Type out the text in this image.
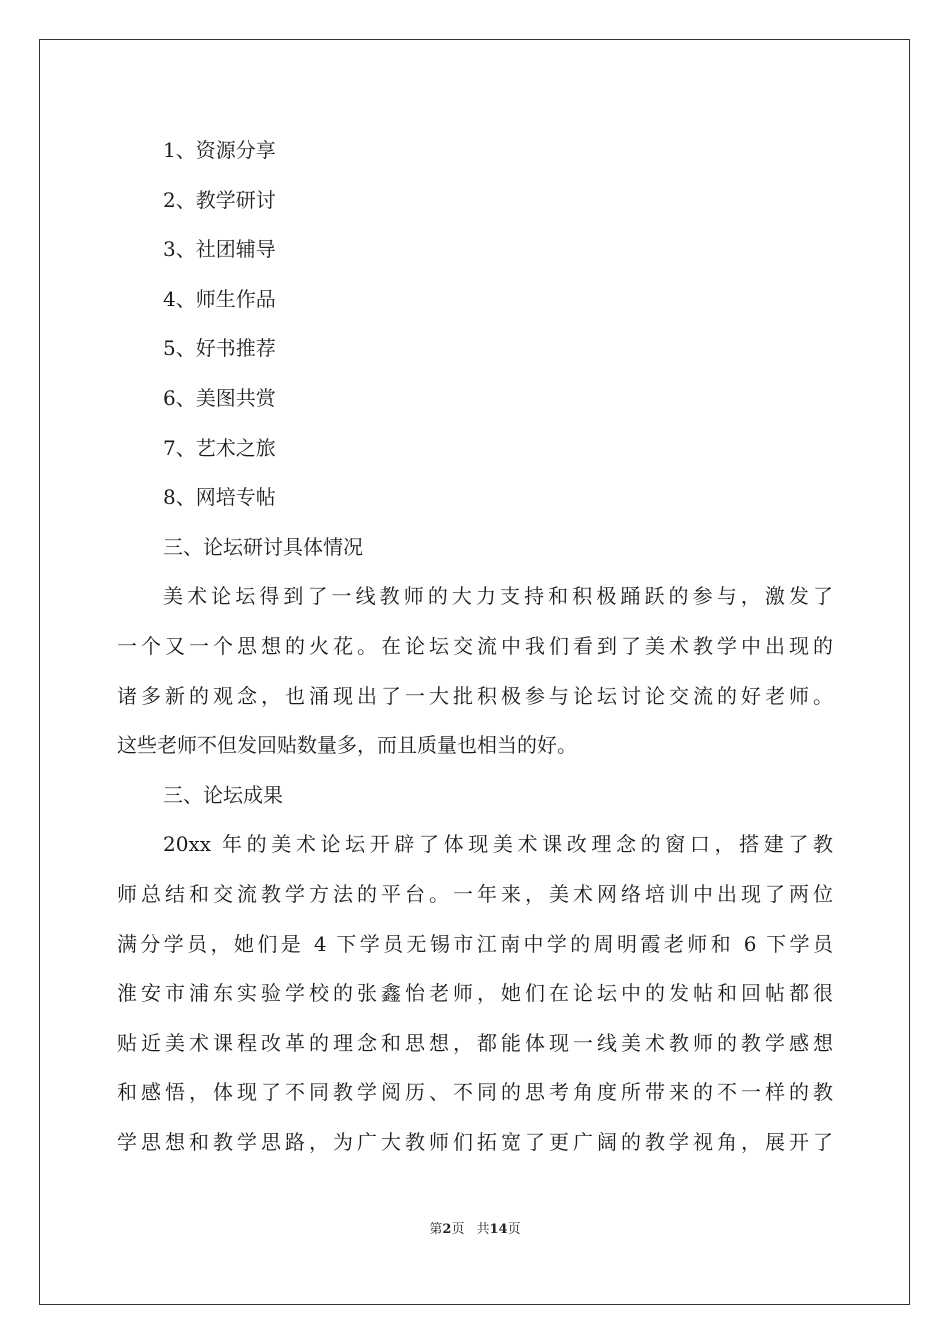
1、资源分享

2、教学研讨

3、社团辅导

4、师生作品

5、好书推荐

6、美图共赏

7、艺术之旅

8、网培专帖

三、论坛研讨具体情况

美术论坛得到了一线教师的大力支持和积极踊跃的参与，激发了

一个又一个思想的火花。在论坛交流中我们看到了美术教学中出现的

诸多新的观念，也涌现出了一大批积极参与论坛讨论交流的好老师。

这些老师不但发回贴数量多，而且质量也相当的好。

三、论坛成果

20xx 年的美术论坛开辟了体现美术课改理念的窗口，搭建了教

师总结和交流教学方法的平台。一年来，美术网络培训中出现了两位

满分学员，她们是 4 下学员无锡市江南中学的周明霞老师和 6 下学员

淮安市浦东实验学校的张鑫怡老师，她们在论坛中的发帖和回帖都很

贴近美术课程改革的理念和思想，都能体现一线美术教师的教学感想

和感悟，体现了不同教学阅历、不同的思考角度所带来的不一样的教

学思想和教学思路，为广大教师们拓宽了更广阔的教学视角，展开了

第2页 共14页
